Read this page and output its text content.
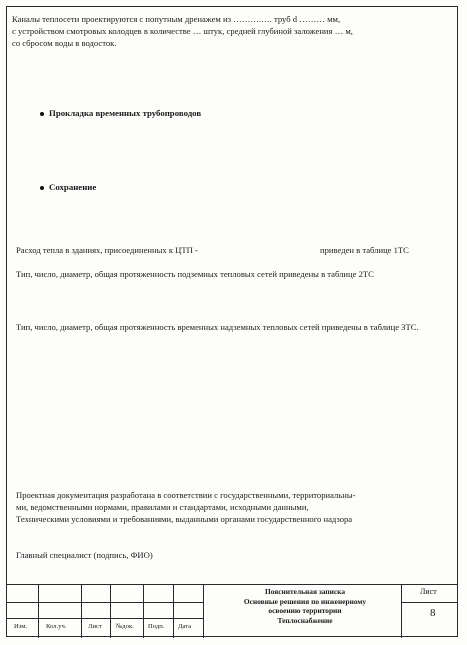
Каналы теплосети проектируются с попутным дренажем из ……….…. труб d ……… мм,
с устройством смотровых колодцев в количестве … штук, средней глубиной заложения … м,
со сбросом воды в водосток.
Прокладка временных трубопроводов
Сохранение
Расход тепла в зданиях, присоединенных к ЦТП -	приведен в таблице 1ТС
Тип, число, диаметр, общая протяженность подземных тепловых сетей приведены в таблице 2ТС
Тип, число, диаметр, общая протяженность временных надземных тепловых сетей приведены в таблице 3ТС.
Проектная документация разработана в соответствии с государственными, территориальны-
ми, ведомственными нормами, правилами и стандартами, исходными данными,
Техническими условиями и требованиями, выданными органами государственного надзора
Главный специалист (подпись, ФИО)
Изм.	Кол.уч.	Лист №док. Подп. Дата
Пояснительная записка
Основные решения по инженерному
освоению территории
Теплоснабжение
Лист
8
